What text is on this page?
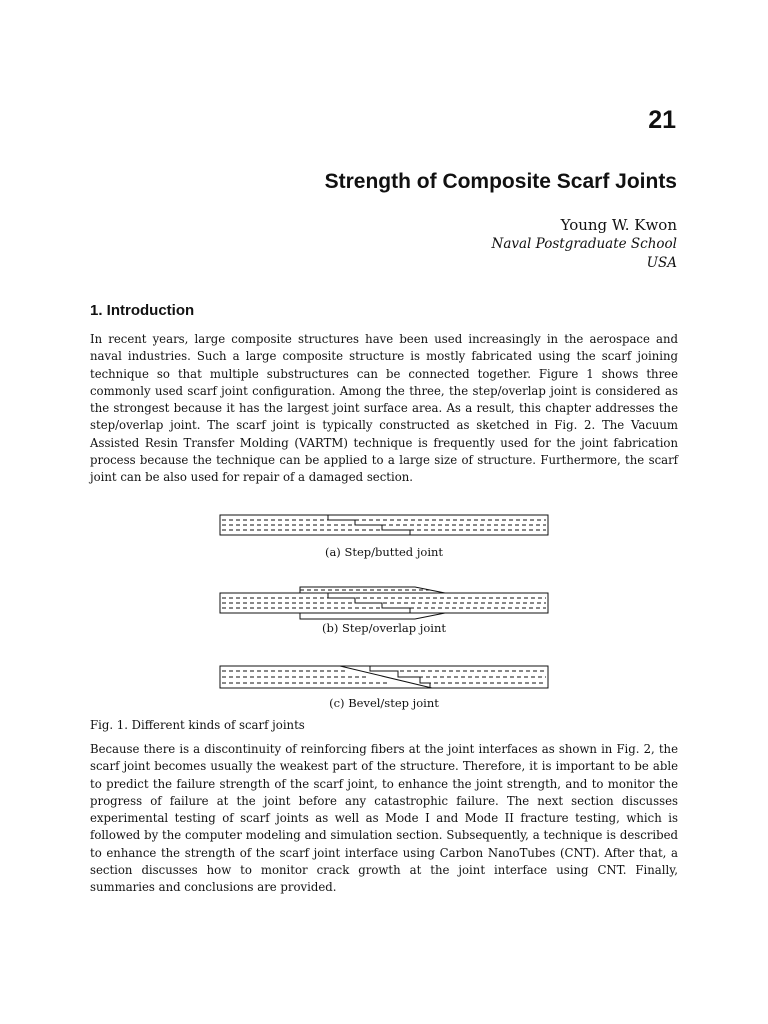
21
Strength of Composite Scarf Joints
Young W. Kwon
Naval Postgraduate School
USA
1. Introduction

In recent years, large composite structures have been used increasingly in the aerospace and naval industries. Such a large composite structure is mostly fabricated using the scarf joining technique so that multiple substructures can be connected together. Figure 1 shows three commonly used scarf joint configuration. Among the three, the step/overlap joint is considered as the strongest because it has the largest joint surface area. As a result, this chapter addresses the step/overlap joint. The scarf joint is typically constructed as sketched in Fig. 2. The Vacuum Assisted Resin Transfer Molding (VARTM) technique is frequently used for the joint fabrication process because the technique can be applied to a large size of structure. Furthermore, the scarf joint can be also used for repair of a damaged section.

(a) Step/butted joint
(b) Step/overlap joint
(c) Bevel/step joint
Fig. 1. Different kinds of scarf joints

Because there is a discontinuity of reinforcing fibers at the joint interfaces as shown in Fig. 2, the scarf joint becomes usually the weakest part of the structure. Therefore, it is important to be able to predict the failure strength of the scarf joint, to enhance the joint strength, and to monitor the progress of failure at the joint before any catastrophic failure. The next section discusses experimental testing of scarf joints as well as Mode I and Mode II fracture testing, which is followed by the computer modeling and simulation section. Subsequently, a technique is described to enhance the strength of the scarf joint interface using Carbon NanoTubes (CNT). After that, a section discusses how to monitor crack growth at the joint interface using CNT. Finally, summaries and conclusions are provided.
